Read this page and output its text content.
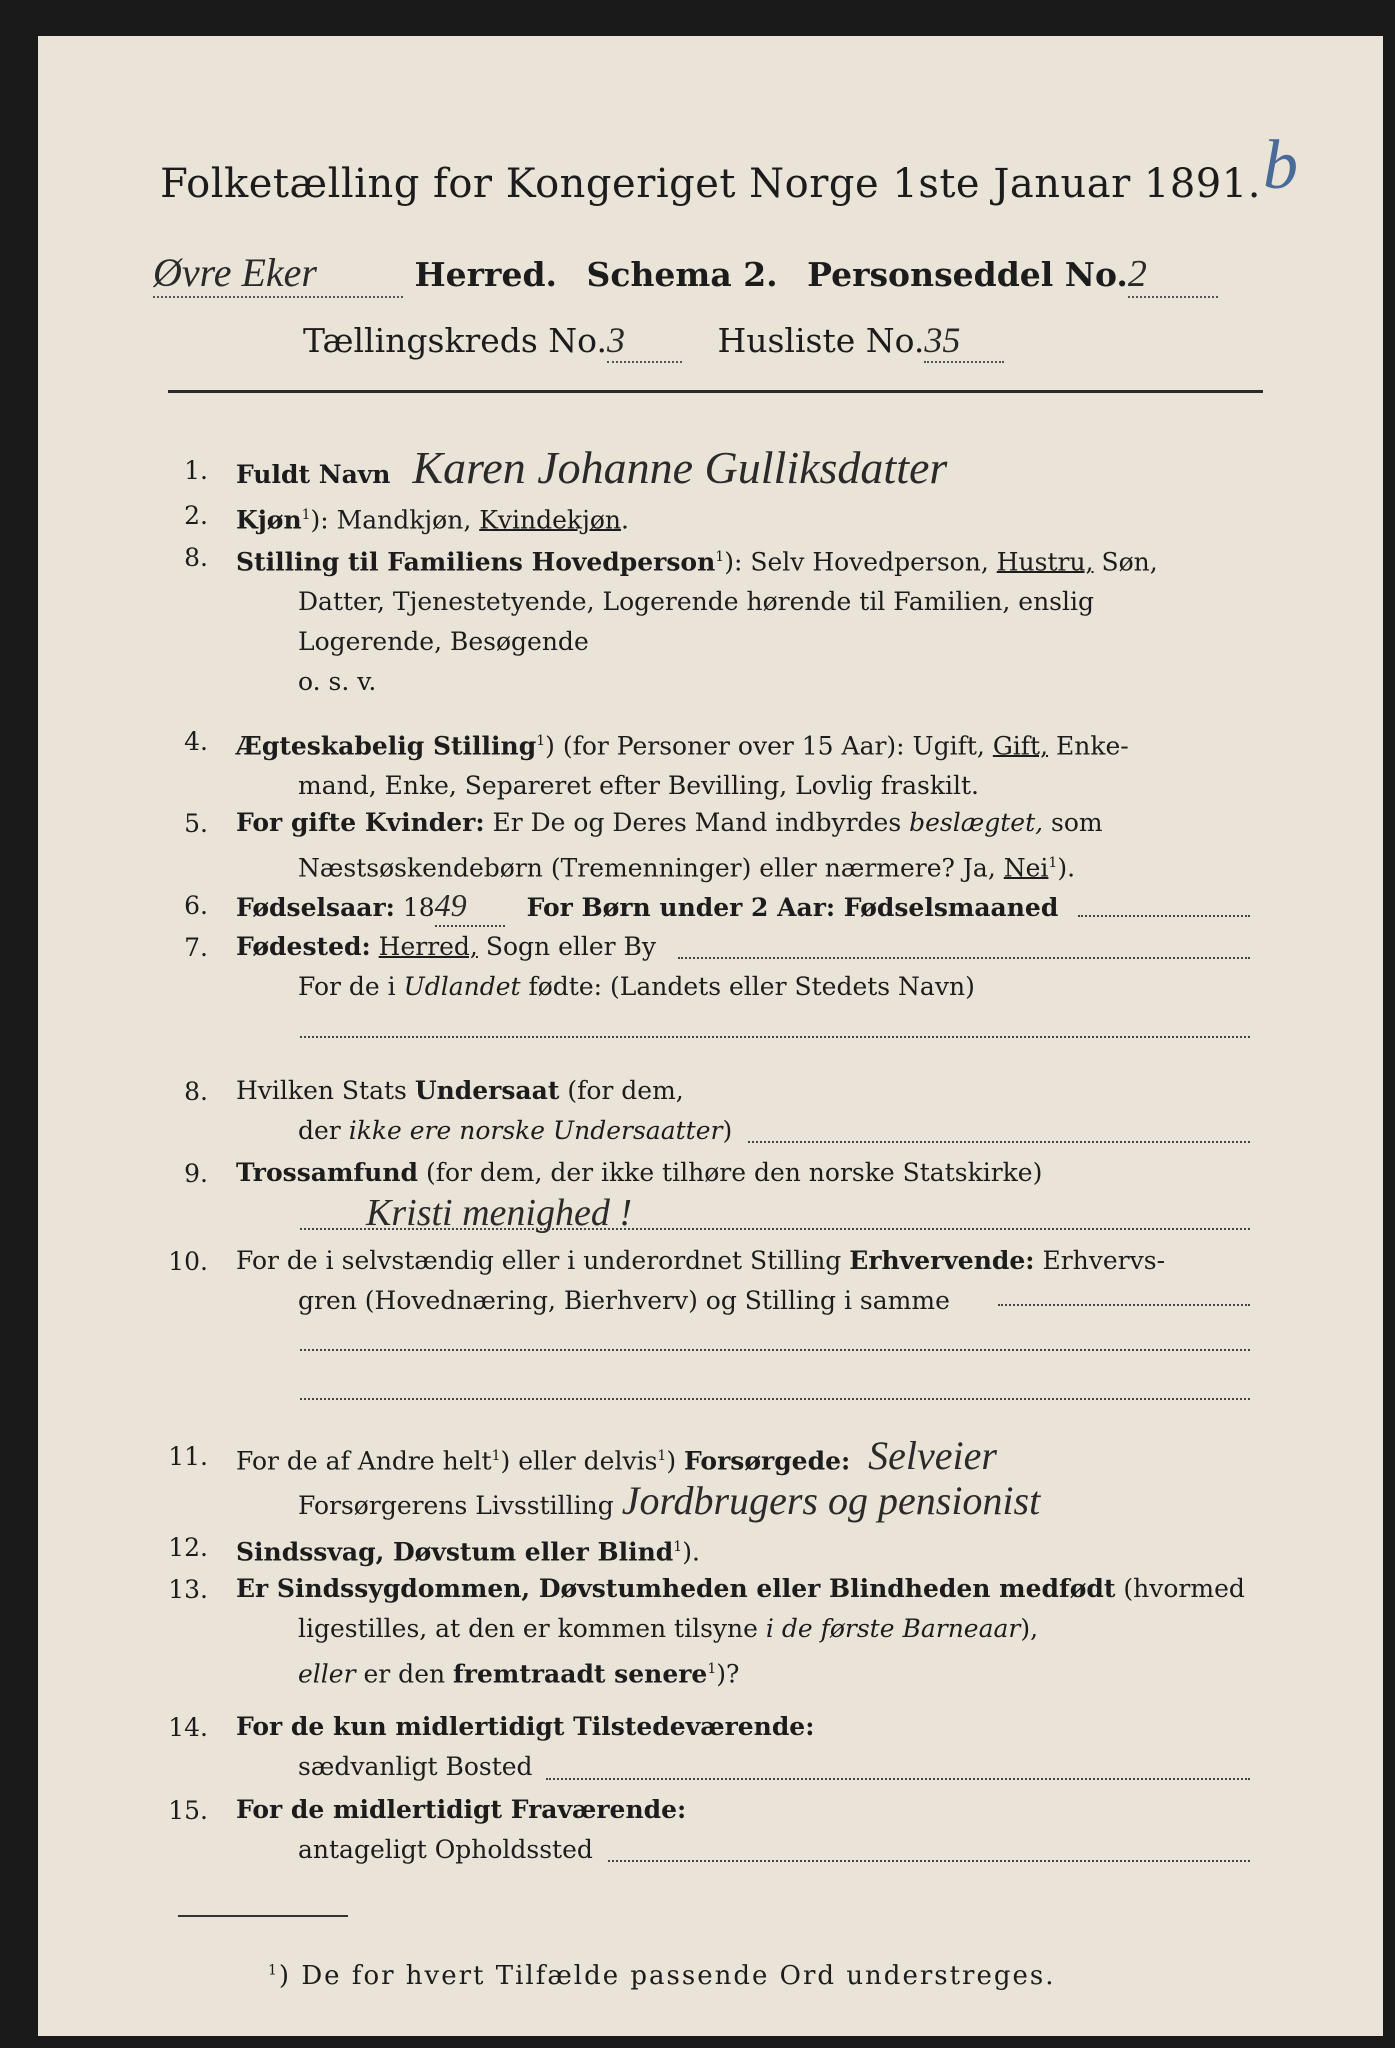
b
Folketælling for Kongeriget Norge 1ste Januar 1891.
Øvre Eker	Herred. Schema 2. Personseddel No.2
Tællingskreds No.3	Husliste No.35
1. Fuldt Navn Karen Johanne Gulliksdatter
2. Kjøn$^1$): Mandkjøn, Kvindekjøn.
8. Stilling til Familiens Hovedperson$^1$): Selv Hovedperson, Hustru, Søn,
Datter, Tjenestetyende, Logerende hørende til Familien, enslig
Logerende, Besøgende
o. s. v.
4. Ægteskabelig Stilling$^1$) (for Personer over 15 Aar): Ugift, Gift, Enke-
mand, Enke, Separeret efter Bevilling, Lovlig fraskilt.
5. For gifte Kvinder: Er De og Deres Mand indbyrdes beslægtet, som
Næstsøskendebørn (Tremenninger) eller nærmere? Ja, Nei$^1$).
6. Fødselsaar: 1849 For Børn under 2 Aar: Fødselsmaaned
7. Fødested: Herred, Sogn eller By
For de i Udlandet fødte: (Landets eller Stedets Navn)
8. Hvilken Stats Undersaat (for dem,
der ikke ere norske Undersaatter)
9. Trossamfund (for dem, der ikke tilhøre den norske Statskirke)
Kristi menighed !
10. For de i selvstændig eller i underordnet Stilling Erhvervende: Erhvervs-
gren (Hovednæring, Bierhverv) og Stilling i samme
11. For de af Andre helt$^1$) eller delvis$^1$) Forsørgede: Selveier
Forsørgerens Livsstilling Jordbrugers og pensionist
12. Sindssvag, Døvstum eller Blind$^1$).
13. Er Sindssygdommen, Døvstumheden eller Blindheden medfødt (hvormed
ligestilles, at den er kommen tilsyne i de første Barneaar),
eller er den fremtraadt senere$^1$)?
14. For de kun midlertidigt Tilstedeværende:
sædvanligt Bosted
15. For de midlertidigt Fraværende:
antageligt Opholdssted
$^1$) De for hvert Tilfælde passende Ord understreges.
